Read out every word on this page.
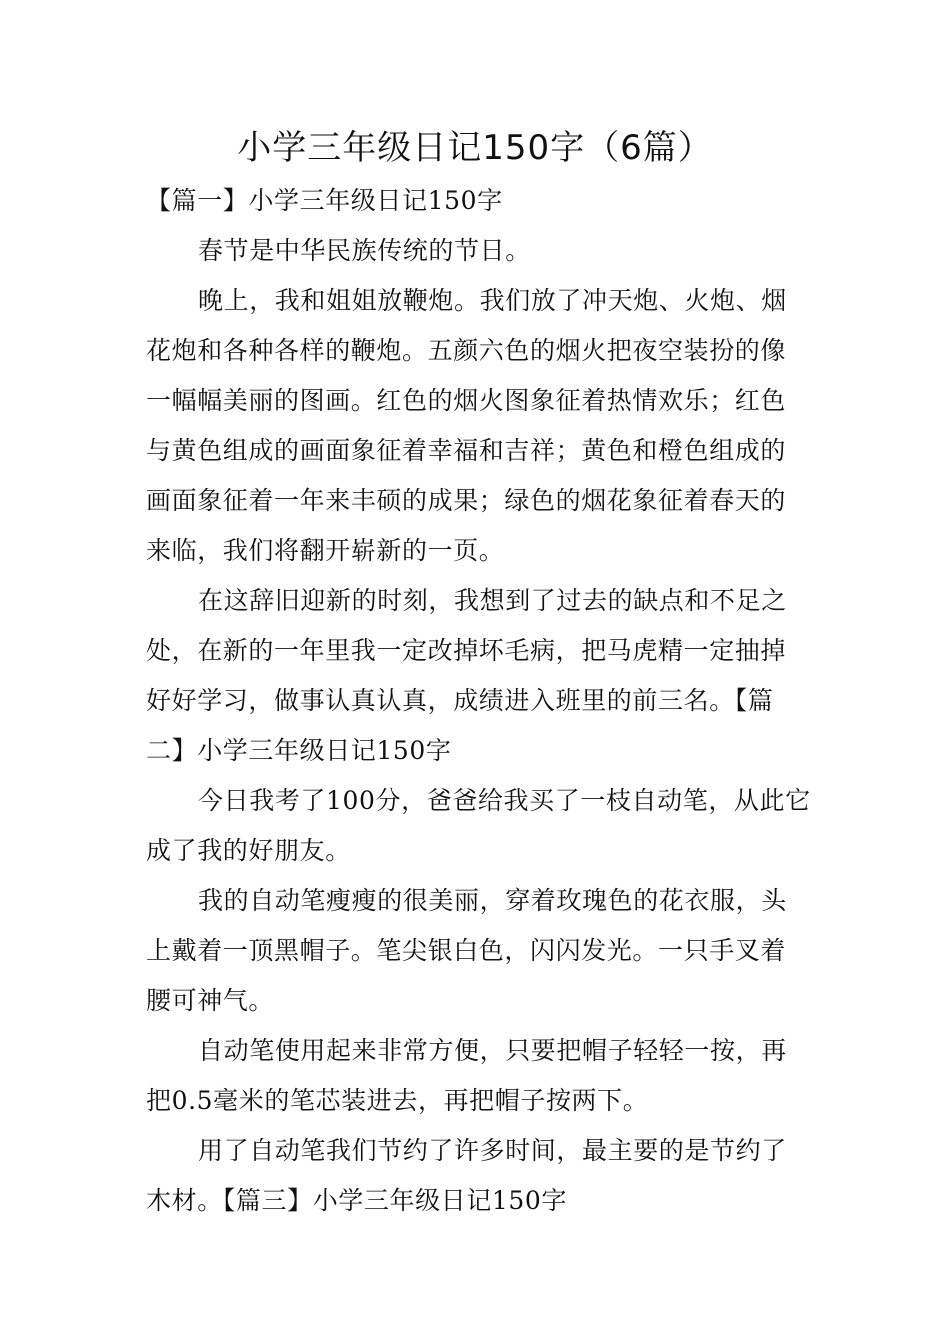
小学三年级日记150字（6篇）
【篇一】小学三年级日记150字
春节是中华民族传统的节日。
晚上，我和姐姐放鞭炮。我们放了冲天炮、火炮、烟
花炮和各种各样的鞭炮。五颜六色的烟火把夜空装扮的像
一幅幅美丽的图画。红色的烟火图象征着热情欢乐；红色
与黄色组成的画面象征着幸福和吉祥；黄色和橙色组成的
画面象征着一年来丰硕的成果；绿色的烟花象征着春天的
来临，我们将翻开崭新的一页。
在这辞旧迎新的时刻，我想到了过去的缺点和不足之
处，在新的一年里我一定改掉坏毛病，把马虎精一定抽掉
好好学习，做事认真认真，成绩进入班里的前三名。【篇
二】小学三年级日记150字
今日我考了100分，爸爸给我买了一枝自动笔，从此它
成了我的好朋友。
我的自动笔瘦瘦的很美丽，穿着玫瑰色的花衣服，头
上戴着一顶黑帽子。笔尖银白色，闪闪发光。一只手叉着
腰可神气。
自动笔使用起来非常方便，只要把帽子轻轻一按，再
把0.5毫米的笔芯装进去，再把帽子按两下。
用了自动笔我们节约了许多时间，最主要的是节约了
木材。【篇三】小学三年级日记150字
